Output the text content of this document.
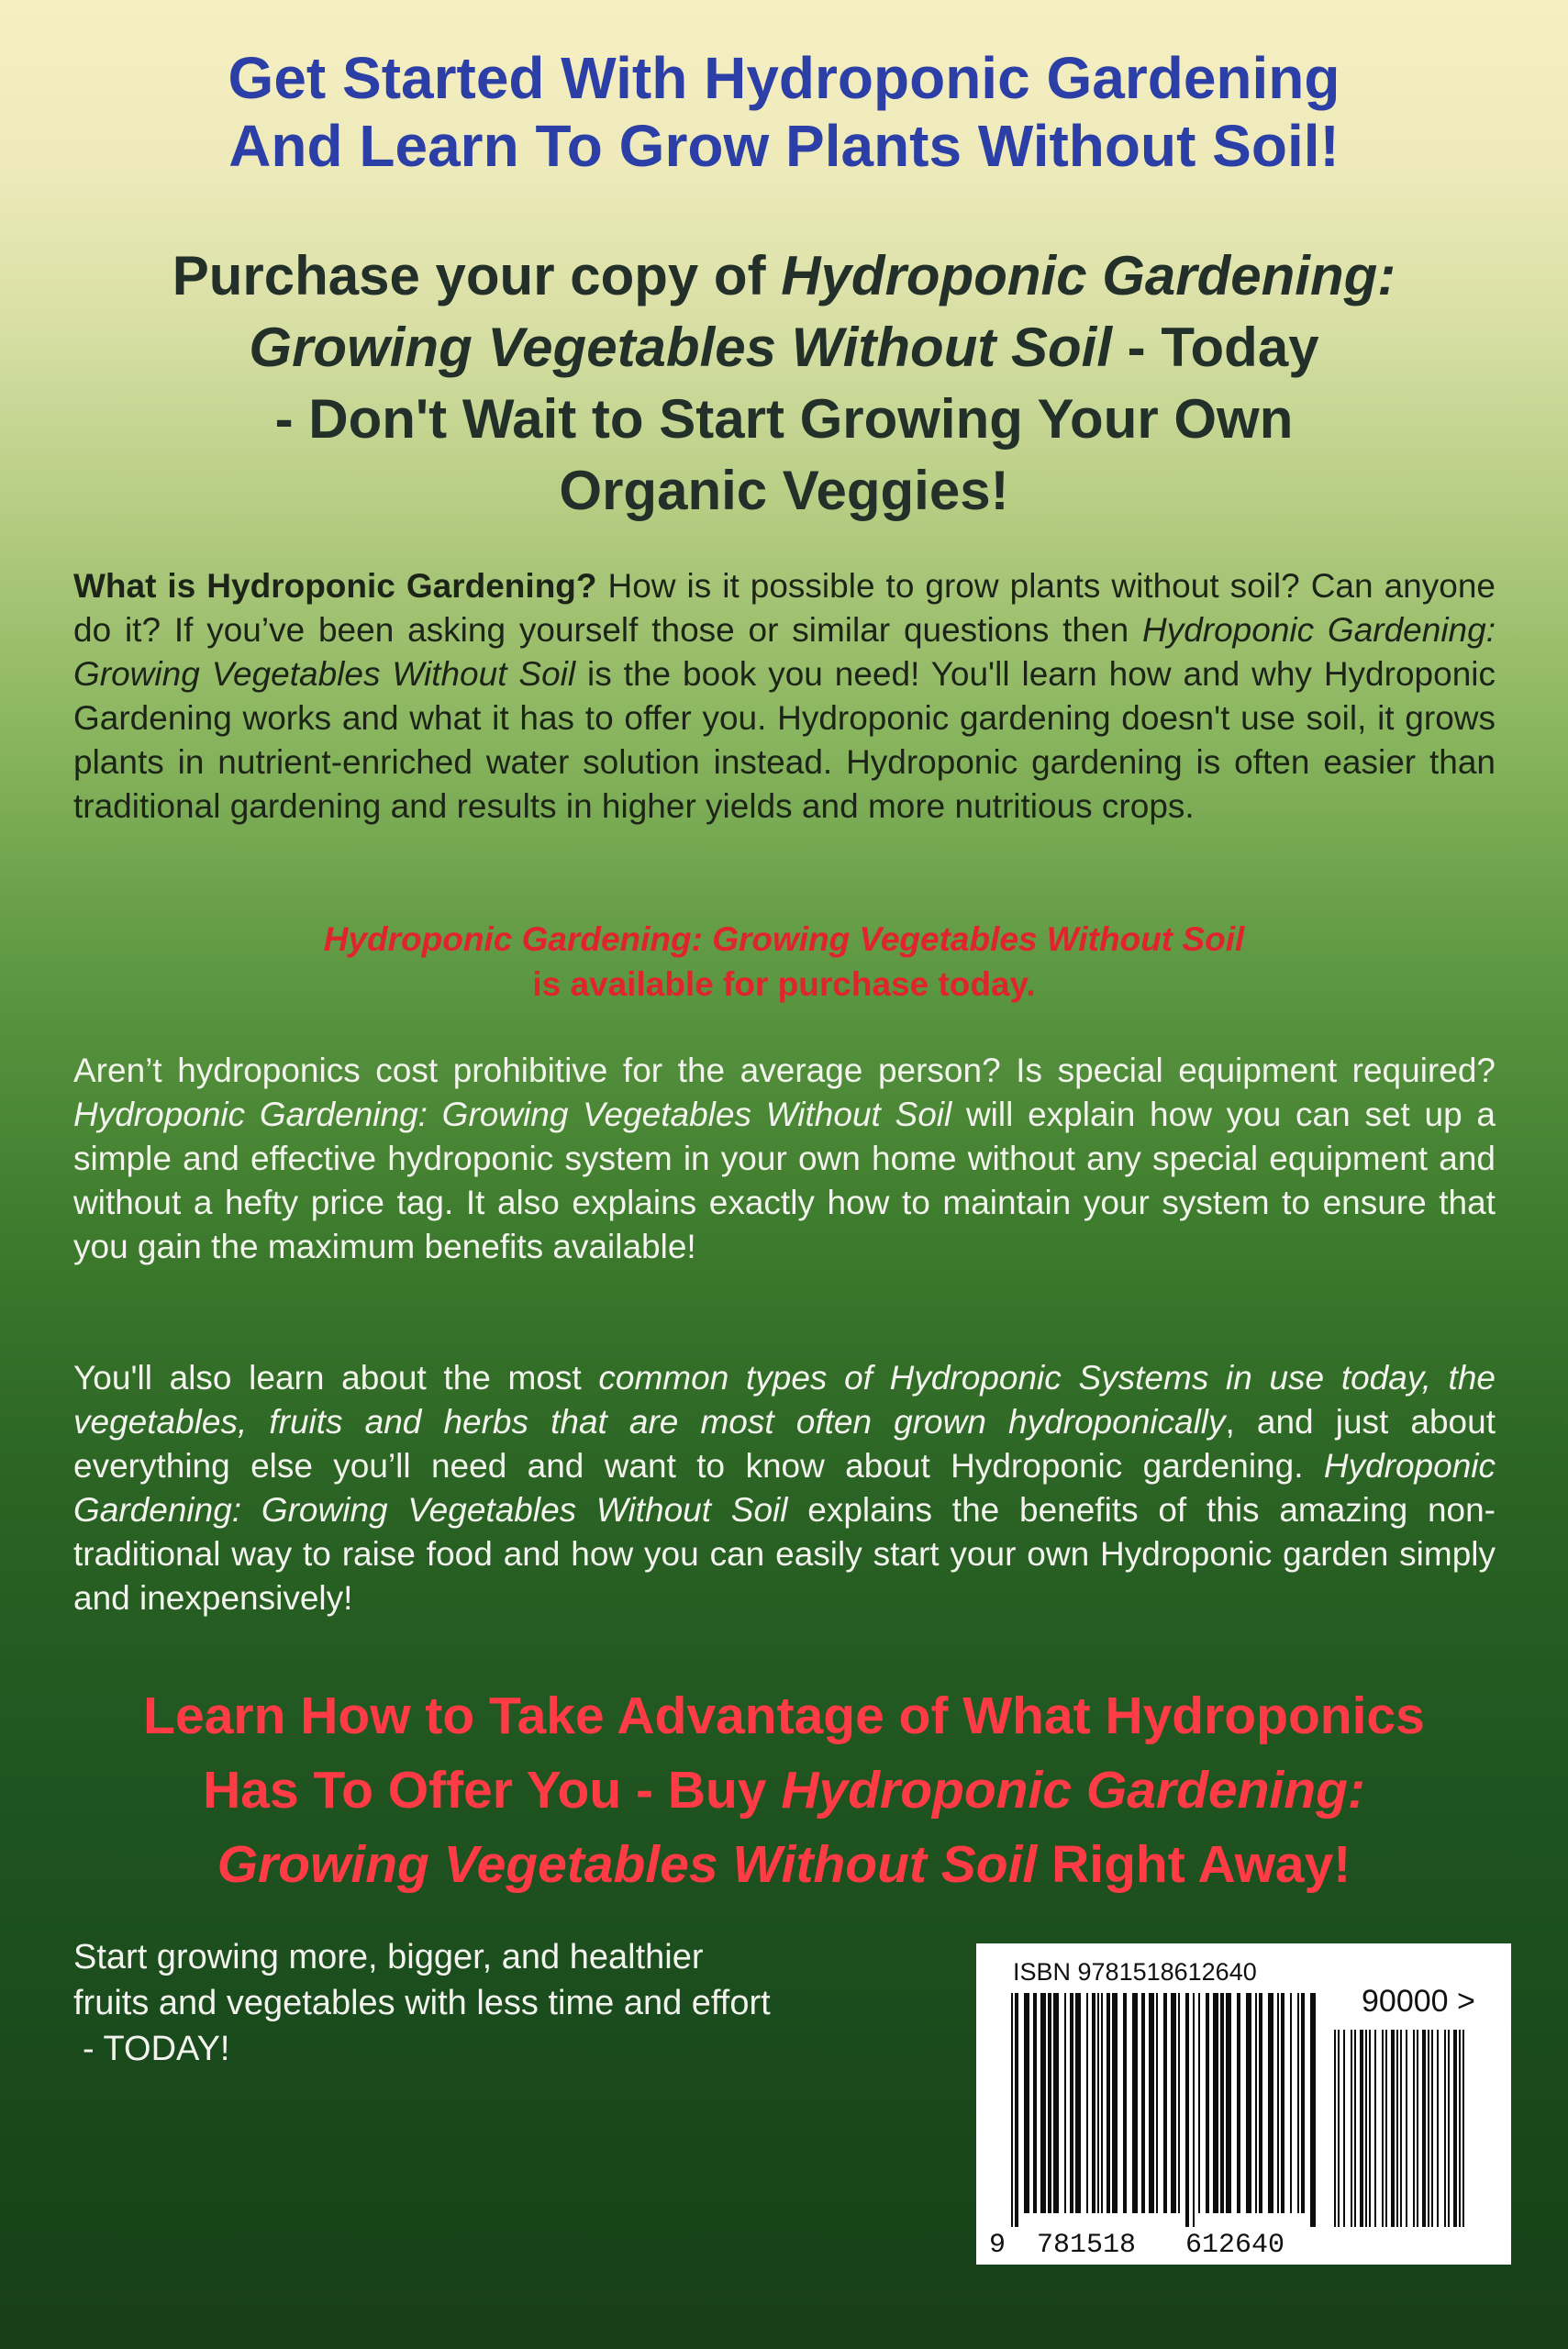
Get Started With Hydroponic Gardening
And Learn To Grow Plants Without Soil!
Purchase your copy of Hydroponic Gardening:
Growing Vegetables Without Soil - Today
- Don't Wait to Start Growing Your Own
Organic Veggies!
What is Hydroponic Gardening? How is it possible to grow plants without soil? Can anyone do it? If you’ve been asking yourself those or similar questions then Hydroponic Gardening: Growing Vegetables Without Soil is the book you need! You'll learn how and why Hydroponic Gardening works and what it has to offer you. Hydroponic gardening doesn't use soil, it grows plants in nutrient-enriched water solution instead. Hydroponic gardening is often easier than traditional gardening and results in higher yields and more nutritious crops.
Hydroponic Gardening: Growing Vegetables Without Soil
is available for purchase today.
Aren’t hydroponics cost prohibitive for the average person? Is special equipment required? Hydroponic Gardening: Growing Vegetables Without Soil will explain how you can set up a simple and effective hydroponic system in your own home without any special equipment and without a hefty price tag. It also explains exactly how to maintain your system to ensure that you gain the maximum benefits available!
You'll also learn about the most common types of Hydroponic Systems in use today, the vegetables, fruits and herbs that are most often grown hydroponically, and just about everything else you’ll need and want to know about Hydroponic gardening. Hydroponic Gardening: Growing Vegetables Without Soil explains the benefits of this amazing non-traditional way to raise food and how you can easily start your own Hydroponic garden simply and inexpensively!
Learn How to Take Advantage of What Hydroponics
Has To Offer You - Buy Hydroponic Gardening:
Growing Vegetables Without Soil Right Away!
Start growing more, bigger, and healthier
fruits and vegetables with less time and effort
- TODAY!
ISBN 9781518612640
90000 >
9 781518 612640
